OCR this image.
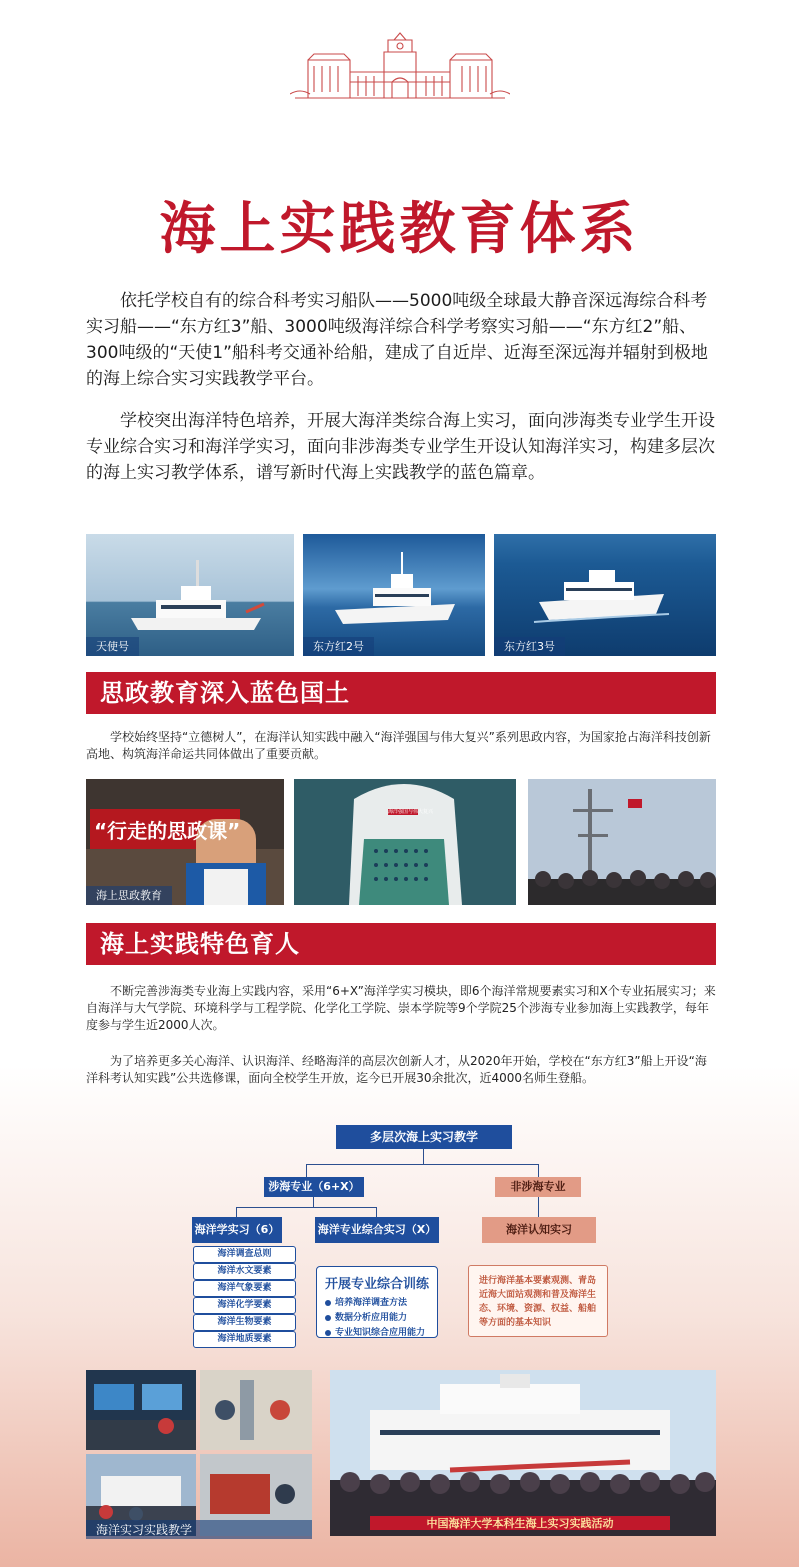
海上实践教育体系

依托学校自有的综合科考实习船队——5000吨级全球最大静音深远海综合科考实习船——“东方红3”船、3000吨级海洋综合科学考察实习船——“东方红2”船、300吨级的“天使1”船科考交通补给船，建成了自近岸、近海至深远海并辐射到极地的海上综合实习实践教学平台。

学校突出海洋特色培养，开展大海洋类综合海上实习，面向涉海类专业学生开设专业综合实习和海洋学实习，面向非涉海类专业学生开设认知海洋实习，构建多层次的海上实习教学体系，谱写新时代海上实践教学的蓝色篇章。

天使号	东方红2号	东方红3号
思政教育深入蓝色国土

学校始终坚持“立德树人”，在海洋认知实践中融入“海洋强国与伟大复兴”系列思政内容，为国家抢占海洋科技创新高地、构筑海洋命运共同体做出了重要贡献。

“行走的思政课”
海上思政教育
海洋强国与伟大复兴
海上实践特色育人

不断完善涉海类专业海上实践内容，采用“6+X”海洋学实习模块，即6个海洋常规要素实习和X个专业拓展实习；来自海洋与大气学院、环境科学与工程学院、化学化工学院、崇本学院等9个学院25个涉海专业参加海上实践教学，每年度参与学生近2000人次。

为了培养更多关心海洋、认识海洋、经略海洋的高层次创新人才，从2020年开始，学校在“东方红3”船上开设“海洋科考认知实践”公共选修课，面向全校学生开放，迄今已开展30余批次，近4000名师生登船。

多层次海上实习教学
涉海专业（6+X）	非涉海专业
海洋学实习（6）	海洋专业综合实习（X）	海洋认知实习
海洋调查总则
海洋水文要素
海洋气象要素
海洋化学要素
海洋生物要素
海洋地质要素
开展专业综合训练
培养海洋调查方法
数据分析应用能力
专业知识综合应用能力
进行海洋基本要素观测、青岛近海大面站观测和普及海洋生态、环境、资源、权益、船舶等方面的基本知识
海洋实习实践教学	中国海洋大学本科生海上实习实践活动
